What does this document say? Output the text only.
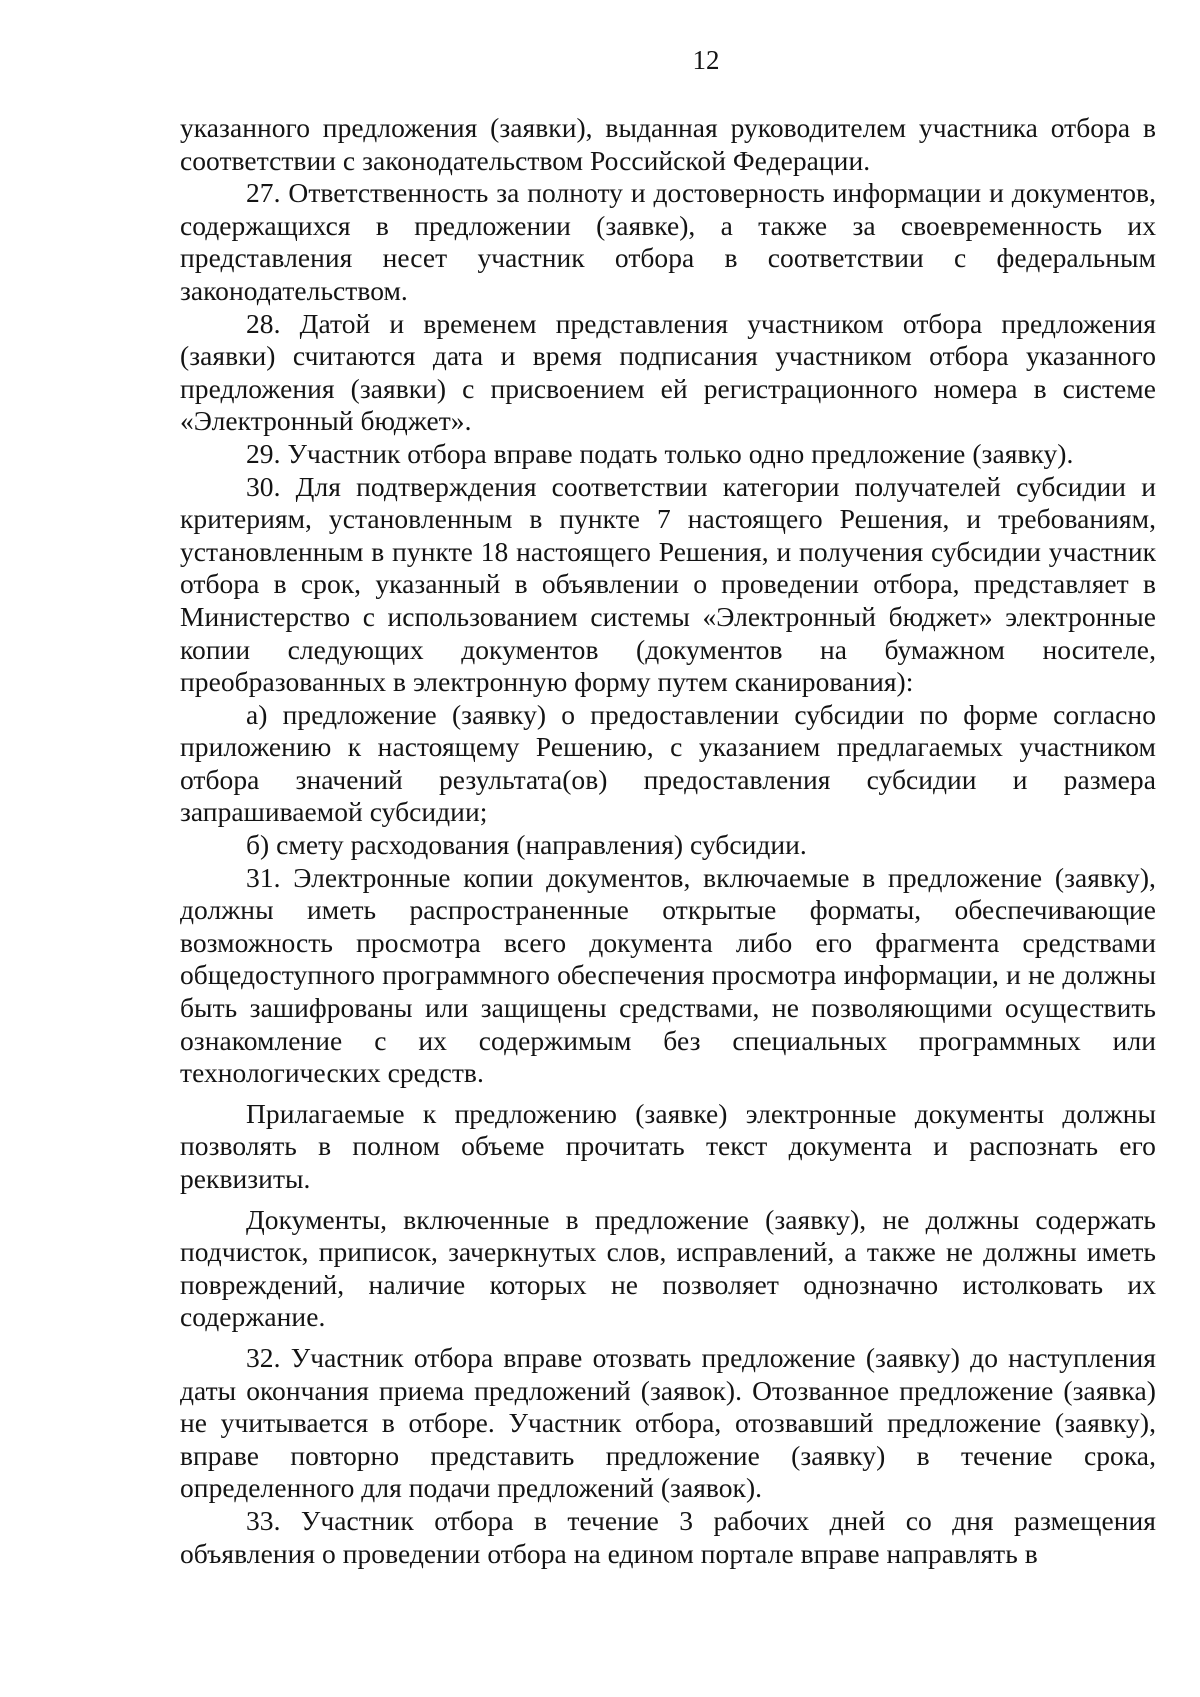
12

указанного предложения (заявки), выданная руководителем участника отбора в соответствии с законодательством Российской Федерации.

27. Ответственность за полноту и достоверность информации и документов, содержащихся в предложении (заявке), а также за своевременность их представления несет участник отбора в соответствии с федеральным законодательством.

28. Датой и временем представления участником отбора предложения (заявки) считаются дата и время подписания участником отбора указанного предложения (заявки) с присвоением ей регистрационного номера в системе «Электронный бюджет».

29. Участник отбора вправе подать только одно предложение (заявку).

30. Для подтверждения соответствии категории получателей субсидии и критериям, установленным в пункте 7 настоящего Решения, и требованиям, установленным в пункте 18 настоящего Решения, и получения субсидии участник отбора в срок, указанный в объявлении о проведении отбора, представляет в Министерство с использованием системы «Электронный бюджет» электронные копии следующих документов (документов на бумажном носителе, преобразованных в электронную форму путем сканирования):

а) предложение (заявку) о предоставлении субсидии по форме согласно приложению к настоящему Решению, с указанием предлагаемых участником отбора значений результата(ов) предоставления субсидии и размера запрашиваемой субсидии;

б) смету расходования (направления) субсидии.

31. Электронные копии документов, включаемые в предложение (заявку), должны иметь распространенные открытые форматы, обеспечивающие возможность просмотра всего документа либо его фрагмента средствами общедоступного программного обеспечения просмотра информации, и не должны быть зашифрованы или защищены средствами, не позволяющими осуществить ознакомление с их содержимым без специальных программных или технологических средств.

Прилагаемые к предложению (заявке) электронные документы должны позволять в полном объеме прочитать текст документа и распознать его реквизиты.

Документы, включенные в предложение (заявку), не должны содержать подчисток, приписок, зачеркнутых слов, исправлений, а также не должны иметь повреждений, наличие которых не позволяет однозначно истолковать их содержание.

32. Участник отбора вправе отозвать предложение (заявку) до наступления даты окончания приема предложений (заявок). Отозванное предложение (заявка) не учитывается в отборе. Участник отбора, отозвавший предложение (заявку), вправе повторно представить предложение (заявку) в течение срока, определенного для подачи предложений (заявок).

33. Участник отбора в течение 3 рабочих дней со дня размещения объявления о проведении отбора на едином портале вправе направлять в
